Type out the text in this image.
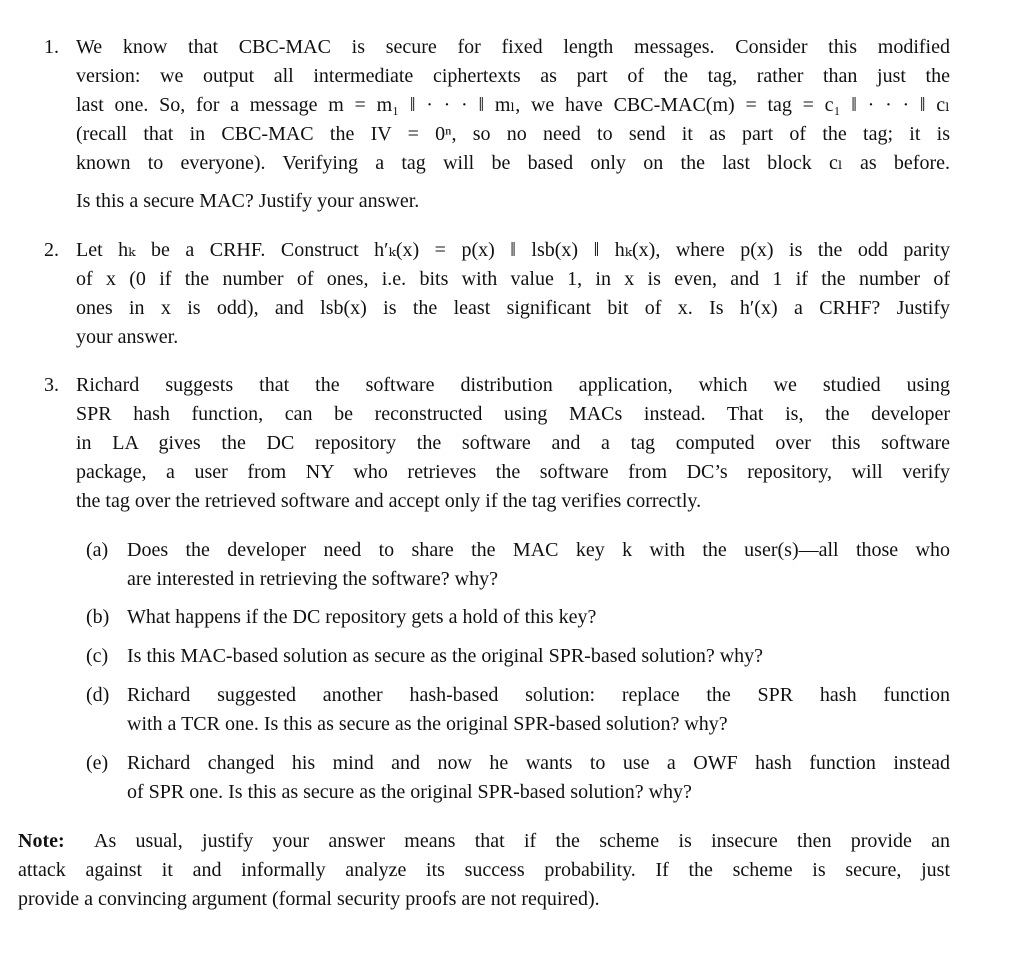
1. We know that CBC-MAC is secure for fixed length messages. Consider this modified
version: we output all intermediate ciphertexts as part of the tag, rather than just the
last one. So, for a message m = m₁ ‖ · · · ‖ mₗ, we have CBC-MAC(m) = tag = c₁ ‖ · · · ‖ cₗ
(recall that in CBC-MAC the IV = 0ⁿ, so no need to send it as part of the tag; it is
known to everyone). Verifying a tag will be based only on the last block cₗ as before.
Is this a secure MAC? Justify your answer.
2. Let hₖ be a CRHF. Construct h′ₖ(x) = p(x) ‖ lsb(x) ‖ hₖ(x), where p(x) is the odd parity
of x (0 if the number of ones, i.e. bits with value 1, in x is even, and 1 if the number of
ones in x is odd), and lsb(x) is the least significant bit of x. Is h′(x) a CRHF? Justify
your answer.
3. Richard suggests that the software distribution application, which we studied using
SPR hash function, can be reconstructed using MACs instead. That is, the developer
in LA gives the DC repository the software and a tag computed over this software
package, a user from NY who retrieves the software from DC’s repository, will verify
the tag over the retrieved software and accept only if the tag verifies correctly.
(a) Does the developer need to share the MAC key k with the user(s)—all those who
are interested in retrieving the software? why?
(b) What happens if the DC repository gets a hold of this key?
(c) Is this MAC-based solution as secure as the original SPR-based solution? why?
(d) Richard suggested another hash-based solution: replace the SPR hash function
with a TCR one. Is this as secure as the original SPR-based solution? why?
(e) Richard changed his mind and now he wants to use a OWF hash function instead
of SPR one. Is this as secure as the original SPR-based solution? why?
Note: As usual, justify your answer means that if the scheme is insecure then provide an
attack against it and informally analyze its success probability. If the scheme is secure, just
provide a convincing argument (formal security proofs are not required).
